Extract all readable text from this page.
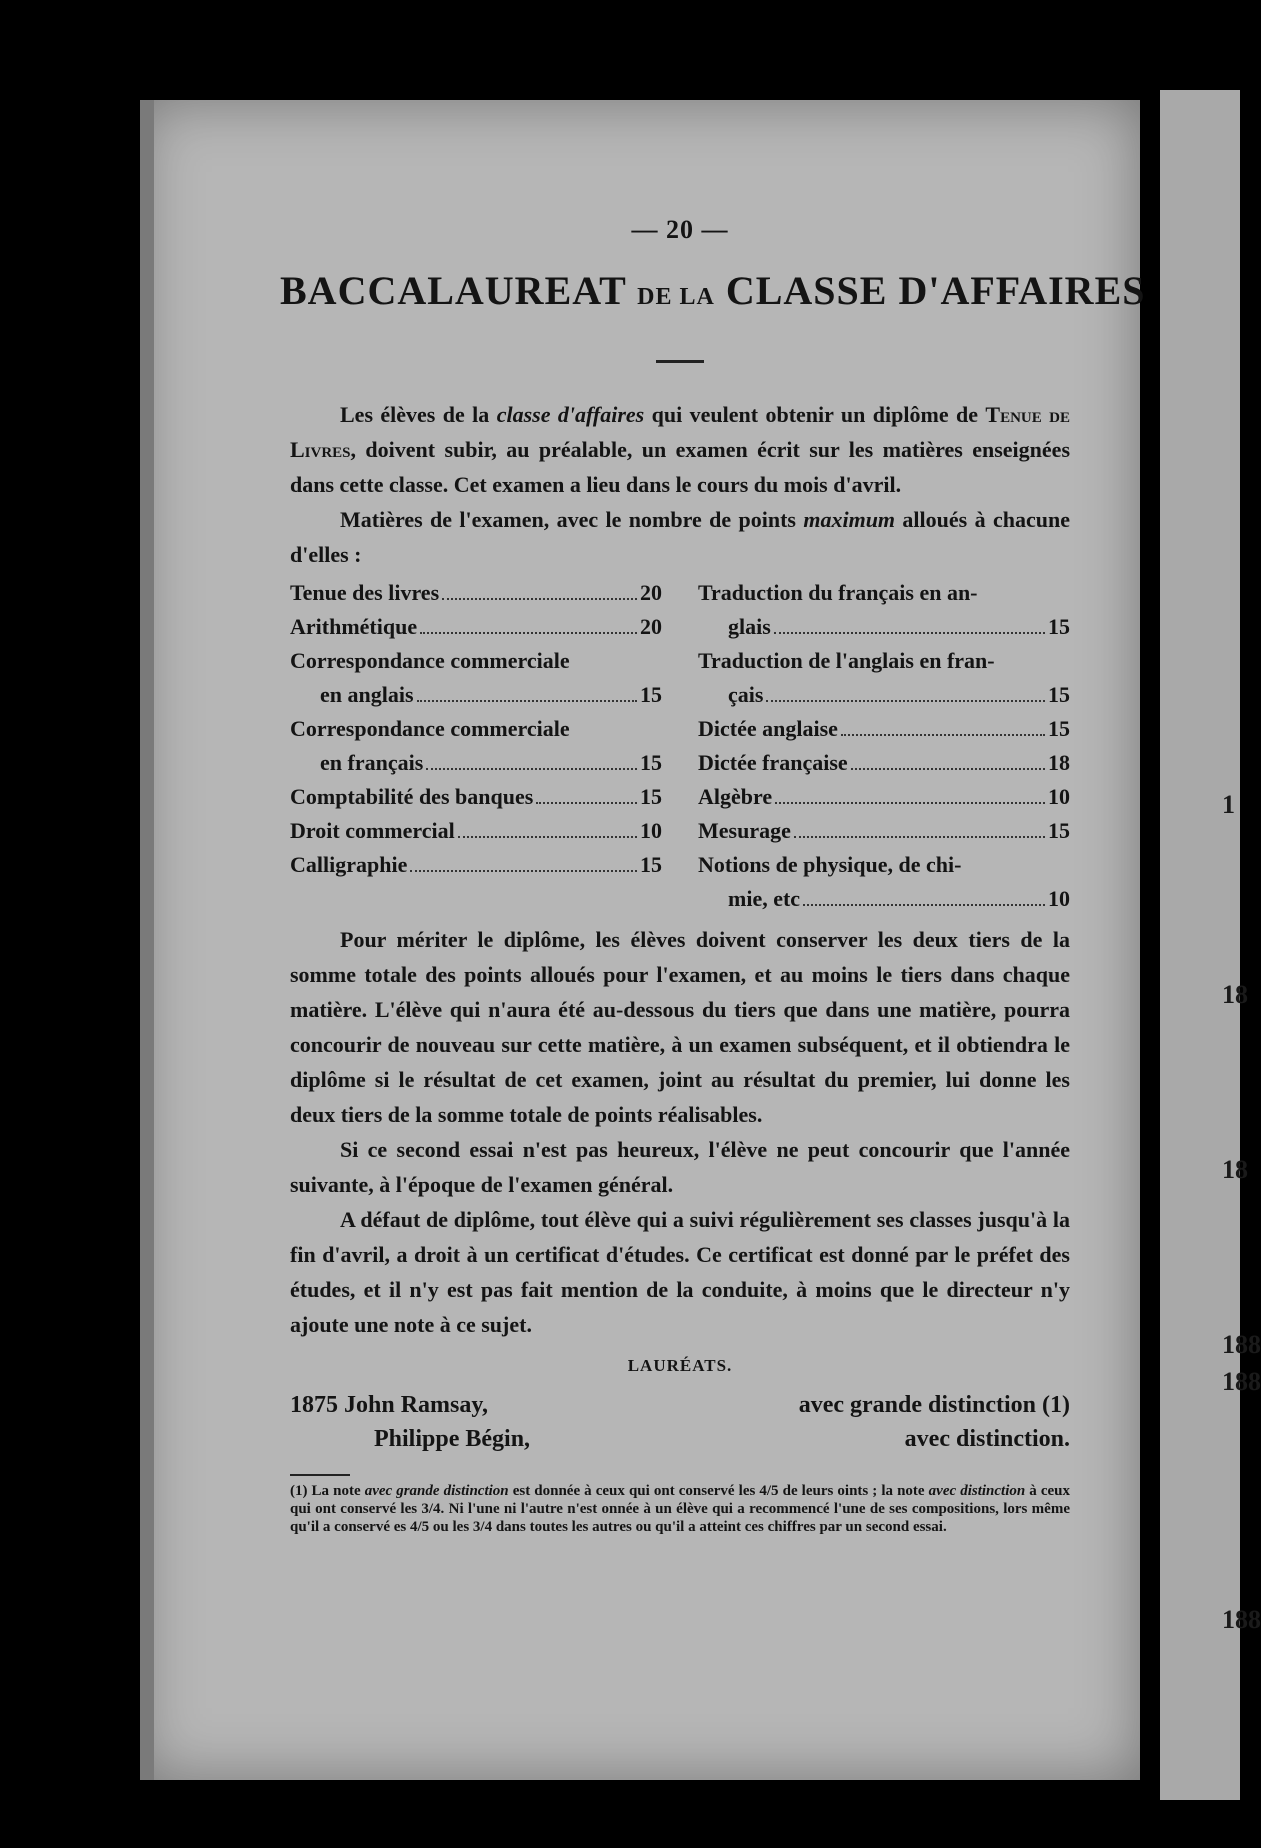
1
18
18
188
188
188
— 20 —
BACCALAUREAT DE LA CLASSE D'AFFAIRES

Les élèves de la classe d'affaires qui veulent obtenir un diplôme de Tenue de Livres, doivent subir, au préalable, un examen écrit sur les matières enseignées dans cette classe. Cet examen a lieu dans le cours du mois d'avril.

Matières de l'examen, avec le nombre de points maximum alloués à chacune d'elles :

Tenue des livres	20
Arithmétique	20
Correspondance commerciale
en anglais	15
Correspondance commerciale
en français	15
Comptabilité des banques	15
Droit commercial	10
Calligraphie	15
Traduction du français en an-
glais	15
Traduction de l'anglais en fran-
çais	15
Dictée anglaise	15
Dictée française	18
Algèbre	10
Mesurage	15
Notions de physique, de chi-
mie, etc	10

Pour mériter le diplôme, les élèves doivent conserver les deux tiers de la somme totale des points alloués pour l'examen, et au moins le tiers dans chaque matière. L'élève qui n'aura été au-dessous du tiers que dans une matière, pourra concourir de nouveau sur cette matière, à un examen subséquent, et il obtiendra le diplôme si le résultat de cet examen, joint au résultat du premier, lui donne les deux tiers de la somme totale de points réalisables.

Si ce second essai n'est pas heureux, l'élève ne peut concourir que l'année suivante, à l'époque de l'examen général.

A défaut de diplôme, tout élève qui a suivi régulièrement ses classes jusqu'à la fin d'avril, a droit à un certificat d'études. Ce certificat est donné par le préfet des études, et il n'y est pas fait mention de la conduite, à moins que le directeur n'y ajoute une note à ce sujet.

LAURÉATS.
1875 John Ramsay,	avec grande distinction (1)
Philippe Bégin,	avec distinction.
(1) La note avec grande distinction est donnée à ceux qui ont conservé les 4/5 de leurs oints ; la note avec distinction à ceux qui ont conservé les 3/4. Ni l'une ni l'autre n'est onnée à un élève qui a recommencé l'une de ses compositions, lors même qu'il a conservé es 4/5 ou les 3/4 dans toutes les autres ou qu'il a atteint ces chiffres par un second essai.
